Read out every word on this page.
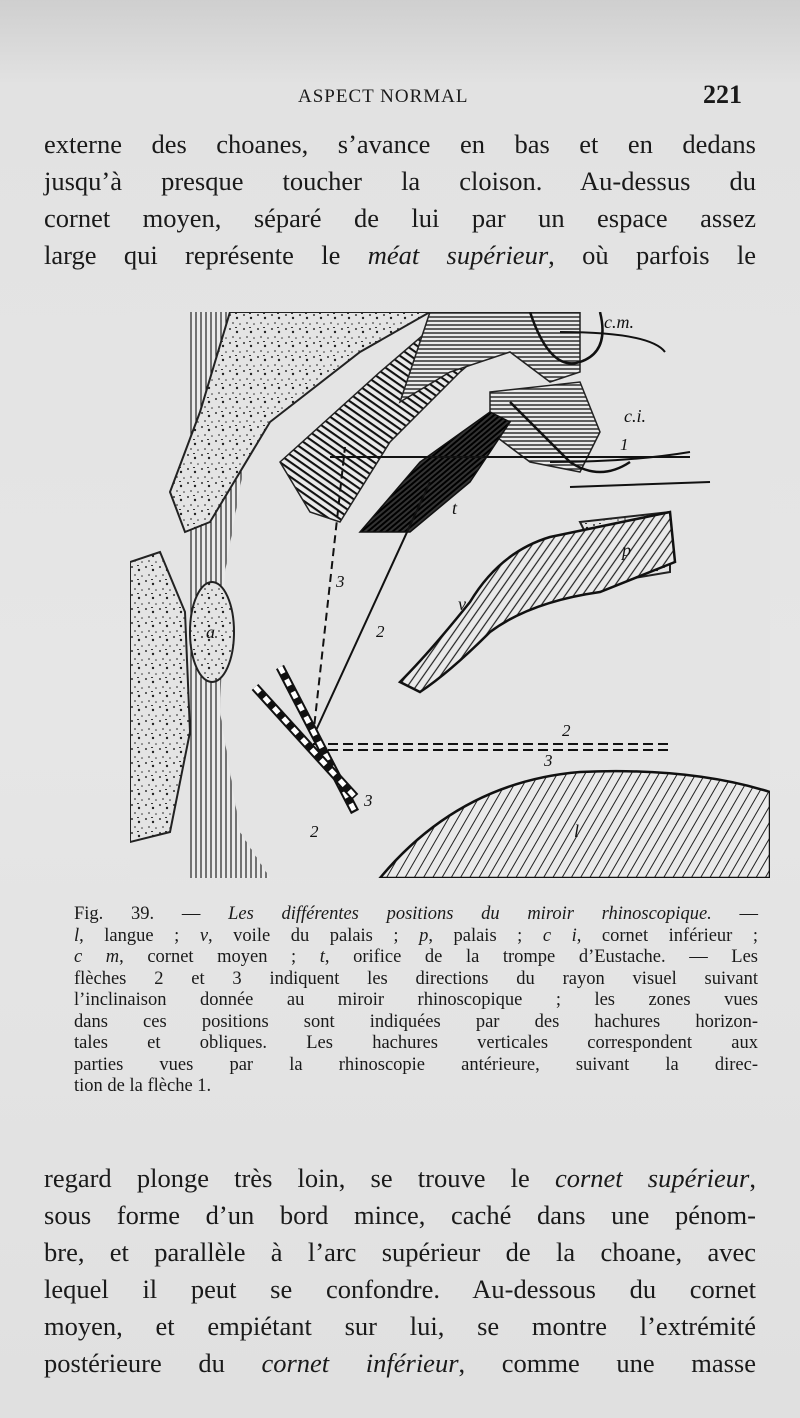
ASPECT NORMAL	221
externe des choanes, s’avance en bas et en dedans
jusqu’à presque toucher la cloison. Au-dessus du
cornet moyen, séparé de lui par un espace assez
large qui représente le méat supérieur, où parfois le
c.m.
c.i.
1
t
p
v
a
3
2
2
3
3
2	l
Fig. 39. — Les différentes positions du miroir rhinoscopique. —
l, langue ; v, voile du palais ; p, palais ; c i, cornet inférieur ;
c m, cornet moyen ; t, orifice de la trompe d’Eustache. — Les
flèches 2 et 3 indiquent les directions du rayon visuel suivant
l’inclinaison donnée au miroir rhinoscopique ; les zones vues
dans ces positions sont indiquées par des hachures horizon-
tales et obliques. Les hachures verticales correspondent aux
parties vues par la rhinoscopie antérieure, suivant la direc-
tion de la flèche 1.
regard plonge très loin, se trouve le cornet supérieur,
sous forme d’un bord mince, caché dans une pénom-
bre, et parallèle à l’arc supérieur de la choane, avec
lequel il peut se confondre. Au-dessous du cornet
moyen, et empiétant sur lui, se montre l’extrémité
postérieure du cornet inférieur, comme une masse
